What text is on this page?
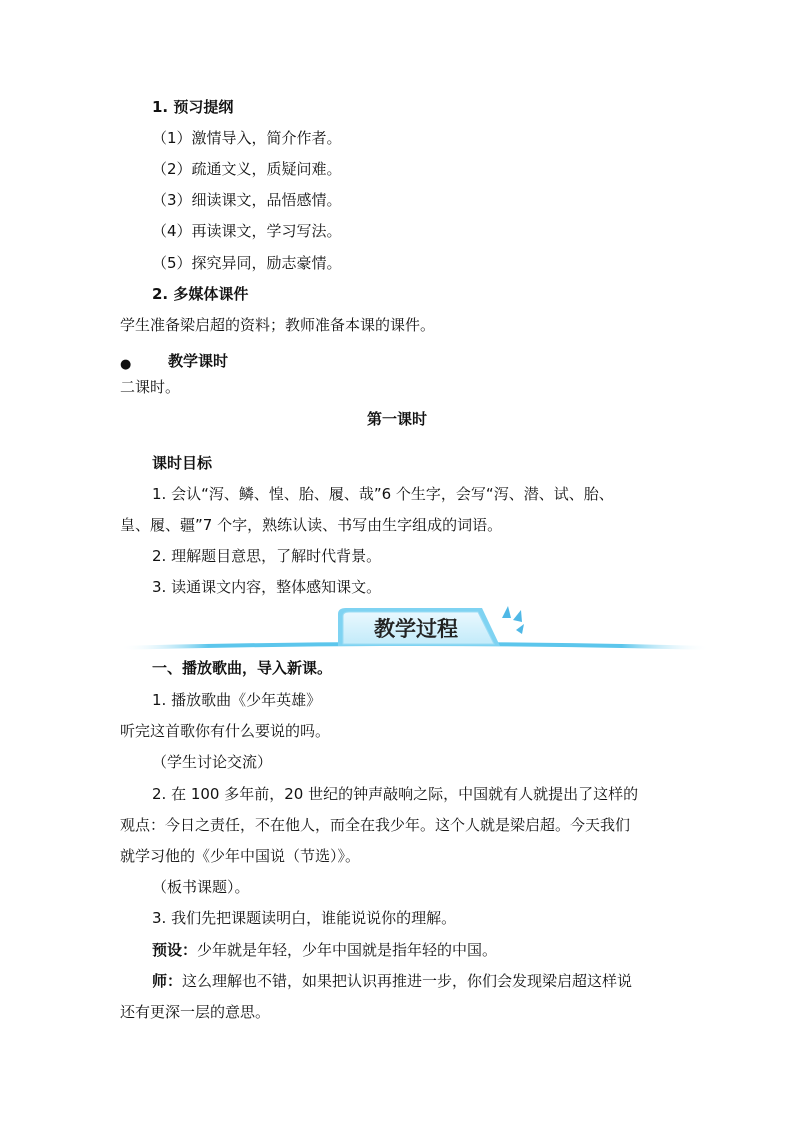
1. 预习提纲
（1）激情导入，简介作者。
（2）疏通文义，质疑问难。
（3）细读课文，品悟感情。
（4）再读课文，学习写法。
（5）探究异同，励志豪情。
2. 多媒体课件
学生准备梁启超的资料；教师准备本课的课件。
● 教学课时
二课时。
第一课时
课时目标
1. 会认“泻、鳞、惶、胎、履、哉”6 个生字，会写“泻、潜、试、胎、
皇、履、疆”7 个字，熟练认读、书写由生字组成的词语。
2. 理解题目意思，了解时代背景。
3. 读通课文内容，整体感知课文。
教学过程
一、播放歌曲，导入新课。
1. 播放歌曲《少年英雄》
听完这首歌你有什么要说的吗。
（学生讨论交流）
2. 在 100 多年前，20 世纪的钟声敲响之际，中国就有人就提出了这样的
观点：今日之责任，不在他人，而全在我少年。这个人就是梁启超。今天我们
就学习他的《少年中国说（节选）》。
（板书课题）。
3. 我们先把课题读明白，谁能说说你的理解。
预设：少年就是年轻，少年中国就是指年轻的中国。
师：这么理解也不错，如果把认识再推进一步，你们会发现梁启超这样说
还有更深一层的意思。
